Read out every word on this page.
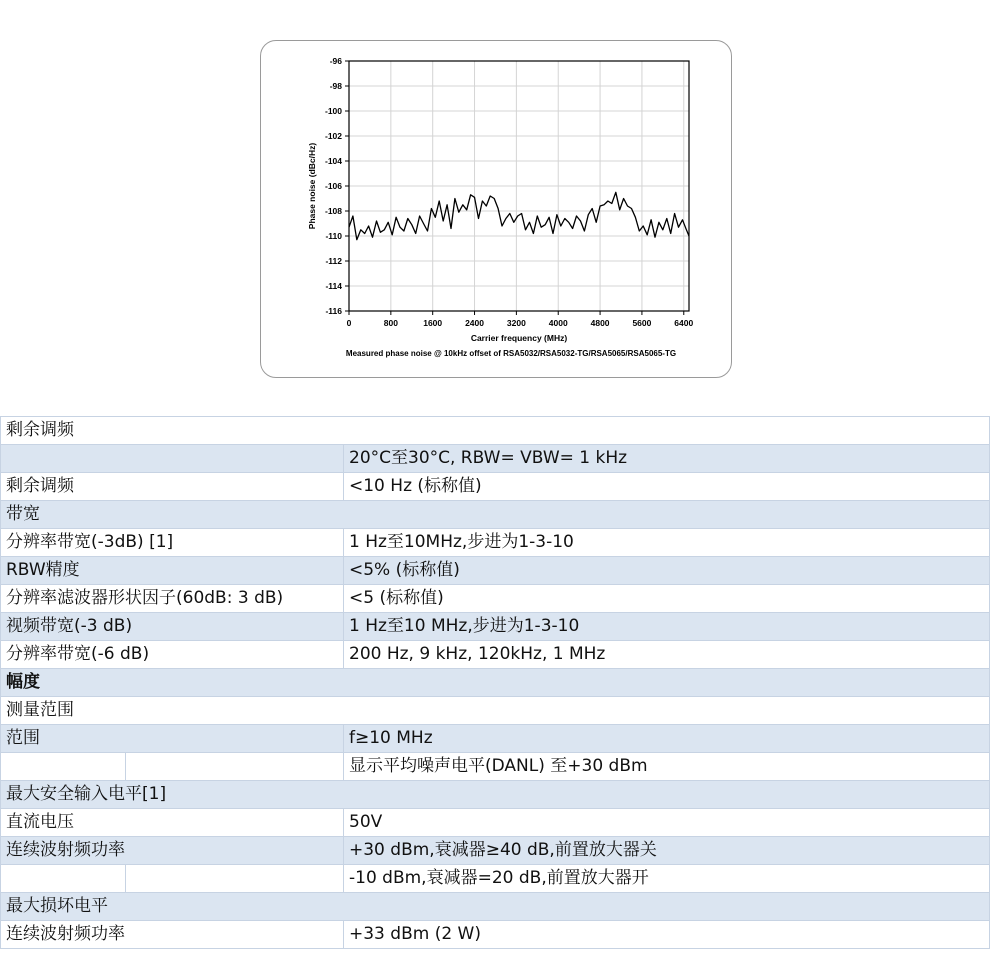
0	800	1600	2400	3200	4000	4800	5600	6400
-96
-98
-100
-102
-104
-106
-108
-110
-112
-114
-116
Carrier frequency (MHz)
Phase noise (dBc/Hz)
Measured phase noise @ 10kHz offset of RSA5032/RSA5032-TG/RSA5065/RSA5065-TG
剩余调频		
		20°C至30°C, RBW= VBW= 1 kHz
剩余调频		<10 Hz (标称值)
带宽		
分辨率带宽(-3dB) [1]		1 Hz至10MHz,步进为1-3-10
RBW精度		<5% (标称值)
分辨率滤波器形状因子(60dB: 3 dB)		<5 (标称值)
视频带宽(-3 dB)		1 Hz至10 MHz,步进为1-3-10
分辨率带宽(-6 dB)		200 Hz, 9 kHz, 120kHz, 1 MHz
幅度		
测量范围		
范围		f≥10 MHz
		显示平均噪声电平(DANL) 至+30 dBm
最大安全输入电平[1]		
直流电压		50V
连续波射频功率		+30 dBm,衰减器≥40 dB,前置放大器关
		-10 dBm,衰减器=20 dB,前置放大器开
最大损坏电平		
连续波射频功率		+33 dBm (2 W)
